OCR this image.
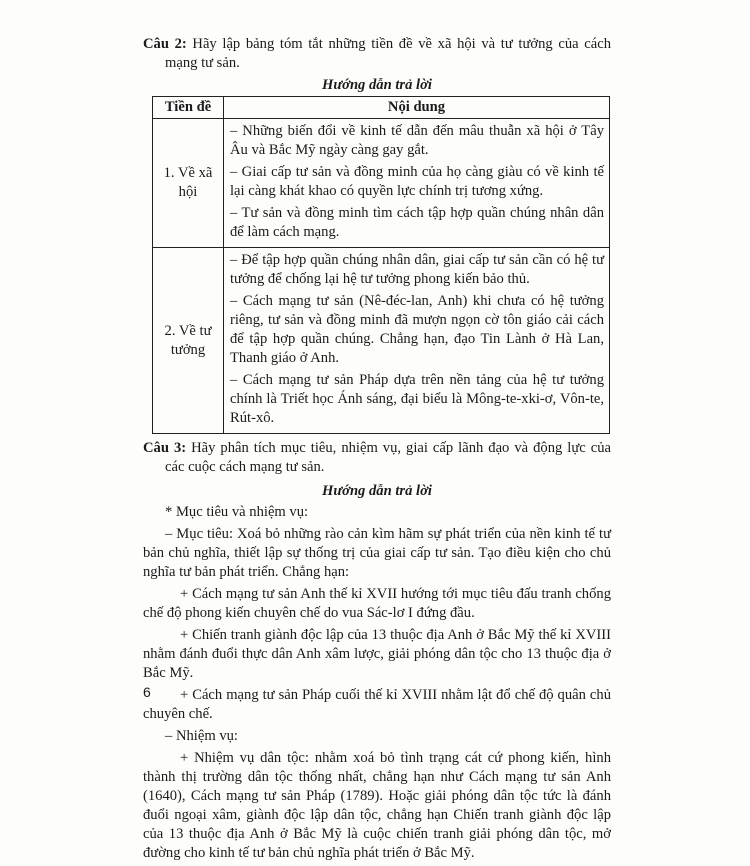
Câu 2: Hãy lập bảng tóm tắt những tiền đề về xã hội và tư tưởng của cách mạng tư sản.

Hướng dẫn trả lời

Tiền đề	Nội dung
1. Về xã hội	– Những biến đổi về kinh tế dẫn đến mâu thuẫn xã hội ở Tây Âu và Bắc Mỹ ngày càng gay gắt.

– Giai cấp tư sản và đồng minh của họ càng giàu có về kinh tế lại càng khát khao có quyền lực chính trị tương xứng.

– Tư sản và đồng minh tìm cách tập hợp quần chúng nhân dân để làm cách mạng.

2. Về tư tưởng	– Để tập hợp quần chúng nhân dân, giai cấp tư sản cần có hệ tư tưởng để chống lại hệ tư tưởng phong kiến bảo thủ.

– Cách mạng tư sản (Nê-đéc-lan, Anh) khi chưa có hệ tưởng riêng, tư sản và đồng minh đã mượn ngọn cờ tôn giáo cải cách để tập hợp quần chúng. Chẳng hạn, đạo Tin Lành ở Hà Lan, Thanh giáo ở Anh.

– Cách mạng tư sản Pháp dựa trên nền tảng của hệ tư tưởng chính là Triết học Ánh sáng, đại biểu là Mông-te-xki-ơ, Vôn-te, Rút-xô.

Câu 3: Hãy phân tích mục tiêu, nhiệm vụ, giai cấp lãnh đạo và động lực của các cuộc cách mạng tư sản.

Hướng dẫn trả lời

* Mục tiêu và nhiệm vụ:

– Mục tiêu: Xoá bỏ những rào cản kìm hãm sự phát triển của nền kinh tế tư bản chủ nghĩa, thiết lập sự thống trị của giai cấp tư sản. Tạo điều kiện cho chủ nghĩa tư bản phát triển. Chẳng hạn:

+ Cách mạng tư sản Anh thế kỉ XVII hướng tới mục tiêu đấu tranh chống chế độ phong kiến chuyên chế do vua Sác-lơ I đứng đầu.

+ Chiến tranh giành độc lập của 13 thuộc địa Anh ở Bắc Mỹ thế kỉ XVIII nhằm đánh đuổi thực dân Anh xâm lược, giải phóng dân tộc cho 13 thuộc địa ở Bắc Mỹ.

+ Cách mạng tư sản Pháp cuối thế kỉ XVIII nhằm lật đổ chế độ quân chủ chuyên chế.

– Nhiệm vụ:

+ Nhiệm vụ dân tộc: nhằm xoá bỏ tình trạng cát cứ phong kiến, hình thành thị trường dân tộc thống nhất, chẳng hạn như Cách mạng tư sản Anh (1640), Cách mạng tư sản Pháp (1789). Hoặc giải phóng dân tộc tức là đánh đuổi ngoại xâm, giành độc lập dân tộc, chẳng hạn Chiến tranh giành độc lập của 13 thuộc địa Anh ở Bắc Mỹ là cuộc chiến tranh giải phóng dân tộc, mở đường cho kinh tế tư bản chủ nghĩa phát triển ở Bắc Mỹ.

6
